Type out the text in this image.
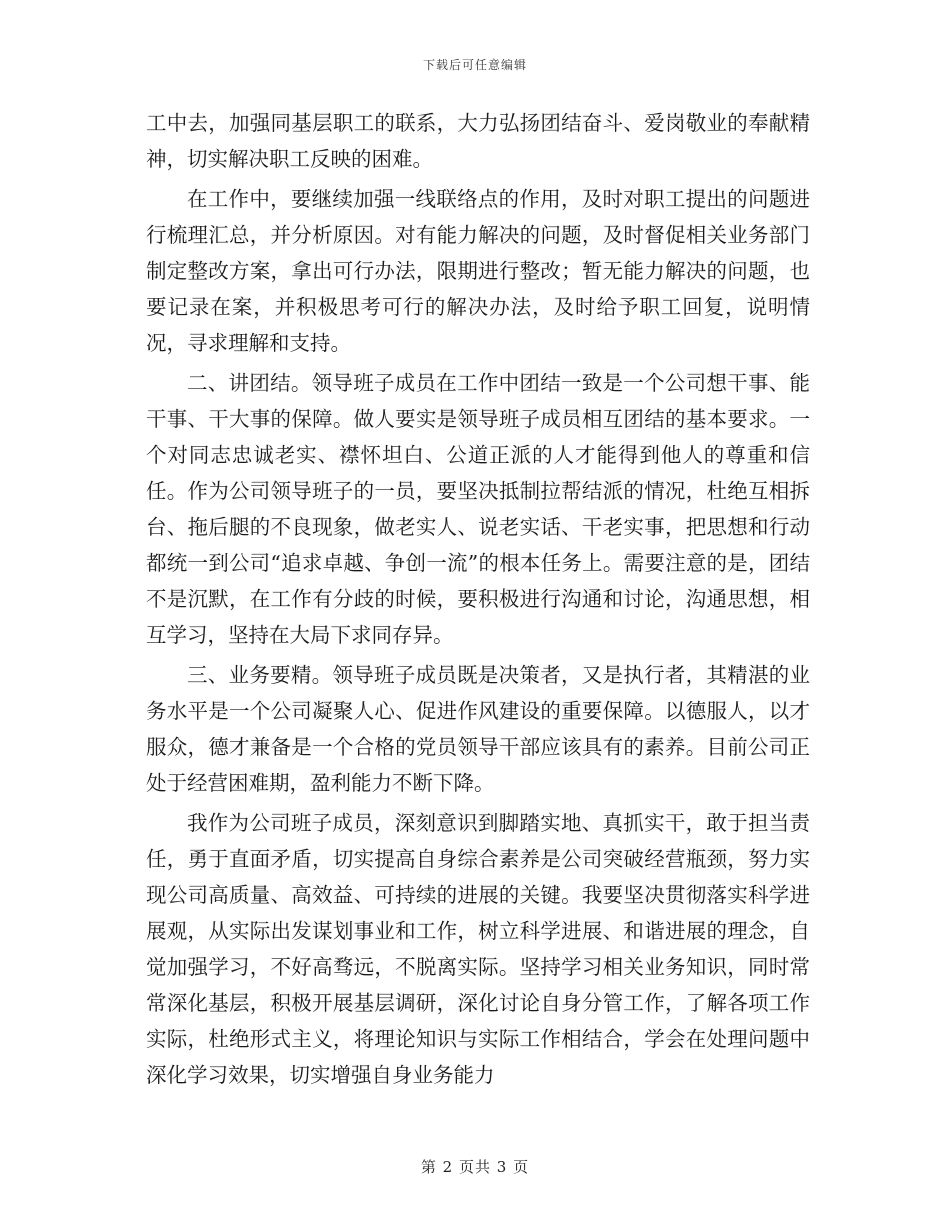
下载后可任意编辑

工中去，加强同基层职工的联系，大力弘扬团结奋斗、爱岗敬业的奉献精神，切实解决职工反映的困难。

在工作中，要继续加强一线联络点的作用，及时对职工提出的问题进行梳理汇总，并分析原因。对有能力解决的问题，及时督促相关业务部门制定整改方案，拿出可行办法，限期进行整改；暂无能力解决的问题，也要记录在案，并积极思考可行的解决办法，及时给予职工回复，说明情况，寻求理解和支持。

二、讲团结。领导班子成员在工作中团结一致是一个公司想干事、能干事、干大事的保障。做人要实是领导班子成员相互团结的基本要求。一个对同志忠诚老实、襟怀坦白、公道正派的人才能得到他人的尊重和信任。作为公司领导班子的一员，要坚决抵制拉帮结派的情况，杜绝互相拆台、拖后腿的不良现象，做老实人、说老实话、干老实事，把思想和行动都统一到公司“追求卓越、争创一流”的根本任务上。需要注意的是，团结不是沉默，在工作有分歧的时候，要积极进行沟通和讨论，沟通思想，相互学习，坚持在大局下求同存异。

三、业务要精。领导班子成员既是决策者，又是执行者，其精湛的业务水平是一个公司凝聚人心、促进作风建设的重要保障。以德服人，以才服众，德才兼备是一个合格的党员领导干部应该具有的素养。目前公司正处于经营困难期，盈利能力不断下降。

我作为公司班子成员，深刻意识到脚踏实地、真抓实干，敢于担当责任，勇于直面矛盾，切实提高自身综合素养是公司突破经营瓶颈，努力实现公司高质量、高效益、可持续的进展的关键。我要坚决贯彻落实科学进展观，从实际出发谋划事业和工作，树立科学进展、和谐进展的理念，自觉加强学习，不好高骛远，不脱离实际。坚持学习相关业务知识，同时常常深化基层，积极开展基层调研，深化讨论自身分管工作，了解各项工作实际，杜绝形式主义，将理论知识与实际工作相结合，学会在处理问题中深化学习效果，切实增强自身业务能力

第 2 页共 3 页
